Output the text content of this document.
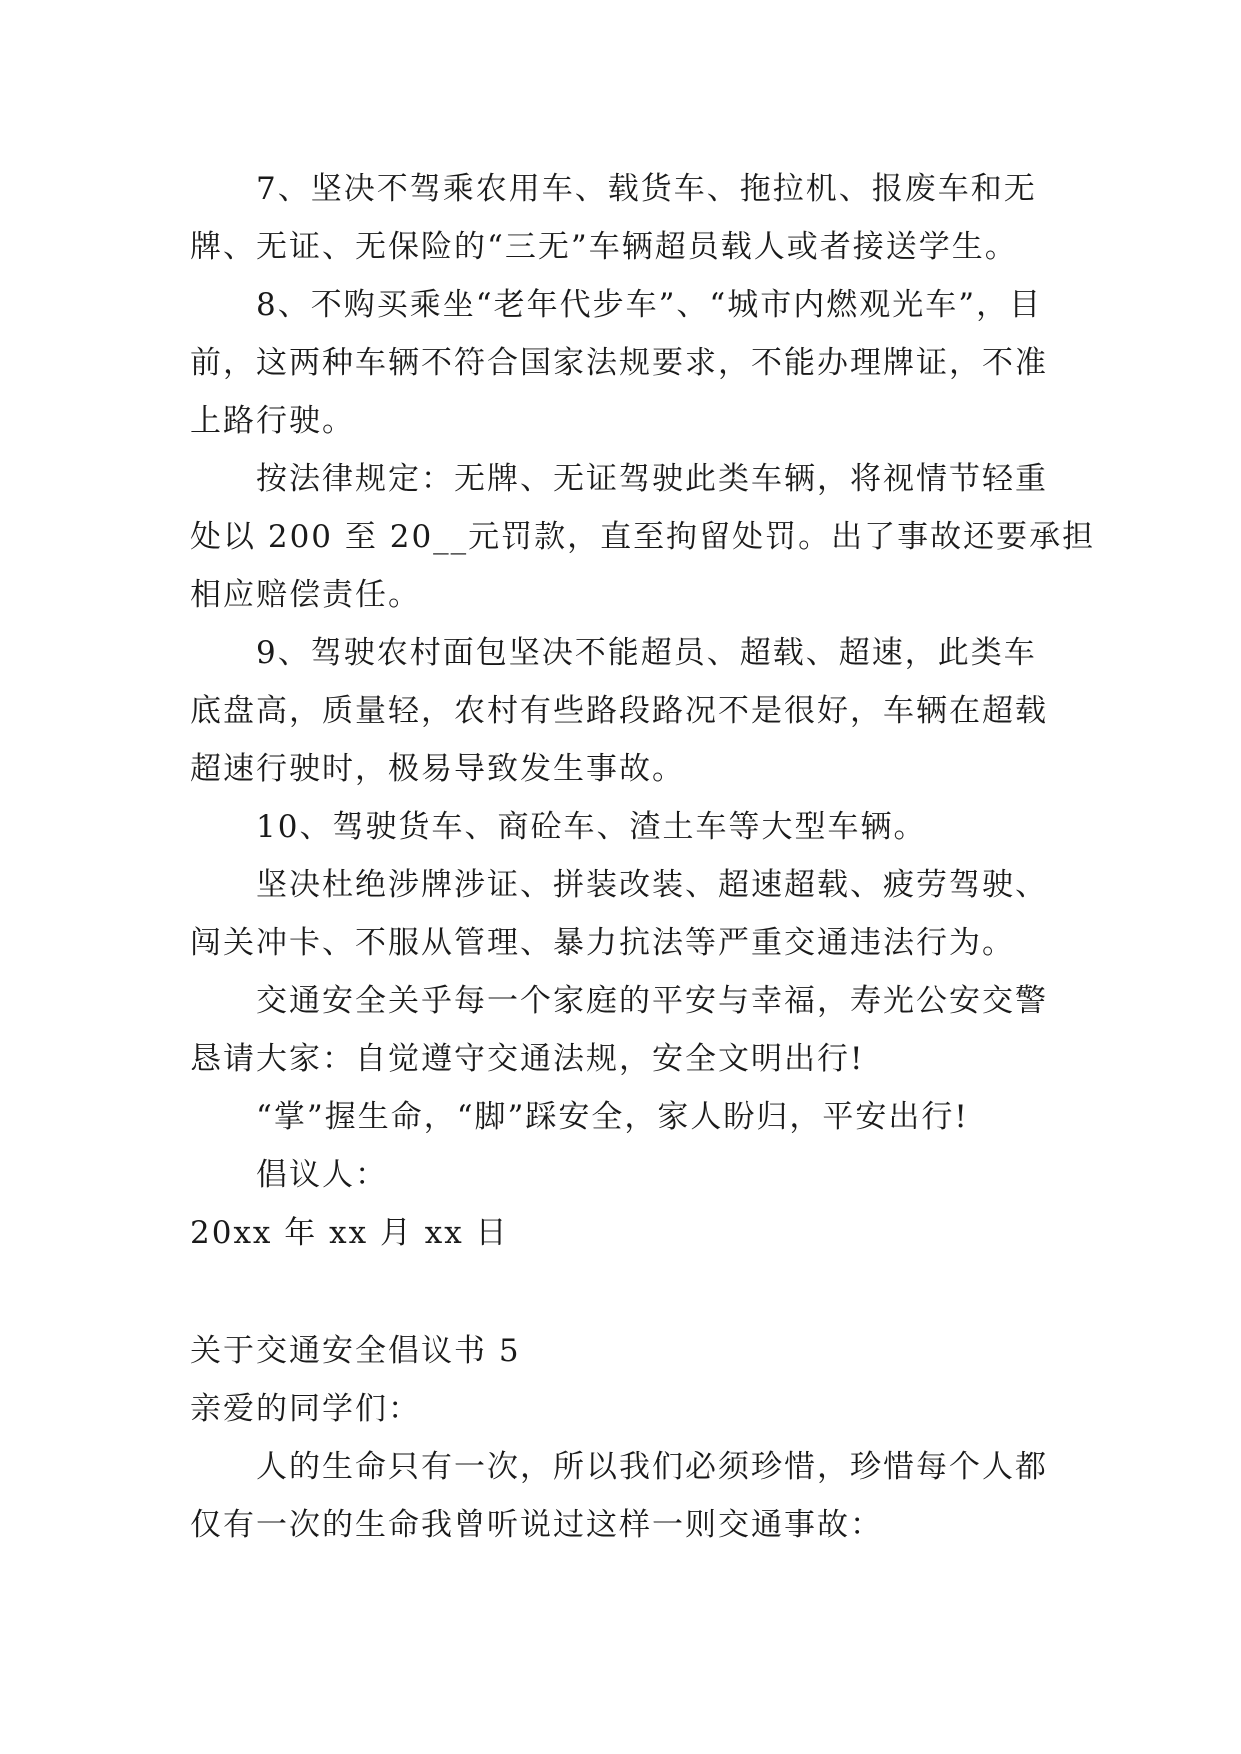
7、坚决不驾乘农用车、载货车、拖拉机、报废车和无
牌、无证、无保险的“三无”车辆超员载人或者接送学生。
8、不购买乘坐“老年代步车”、“城市内燃观光车”，目
前，这两种车辆不符合国家法规要求，不能办理牌证，不准
上路行驶。
按法律规定：无牌、无证驾驶此类车辆，将视情节轻重
处以 200 至 20__元罚款，直至拘留处罚。出了事故还要承担
相应赔偿责任。
9、驾驶农村面包坚决不能超员、超载、超速，此类车
底盘高，质量轻，农村有些路段路况不是很好，车辆在超载
超速行驶时，极易导致发生事故。
10、驾驶货车、商砼车、渣土车等大型车辆。
坚决杜绝涉牌涉证、拼装改装、超速超载、疲劳驾驶、
闯关冲卡、不服从管理、暴力抗法等严重交通违法行为。
交通安全关乎每一个家庭的平安与幸福，寿光公安交警
恳请大家：自觉遵守交通法规，安全文明出行!
“掌”握生命，“脚”踩安全，家人盼归，平安出行!
倡议人：
20xx 年 xx 月 xx 日
关于交通安全倡议书 5
亲爱的同学们：
人的生命只有一次，所以我们必须珍惜，珍惜每个人都
仅有一次的生命我曾听说过这样一则交通事故：
